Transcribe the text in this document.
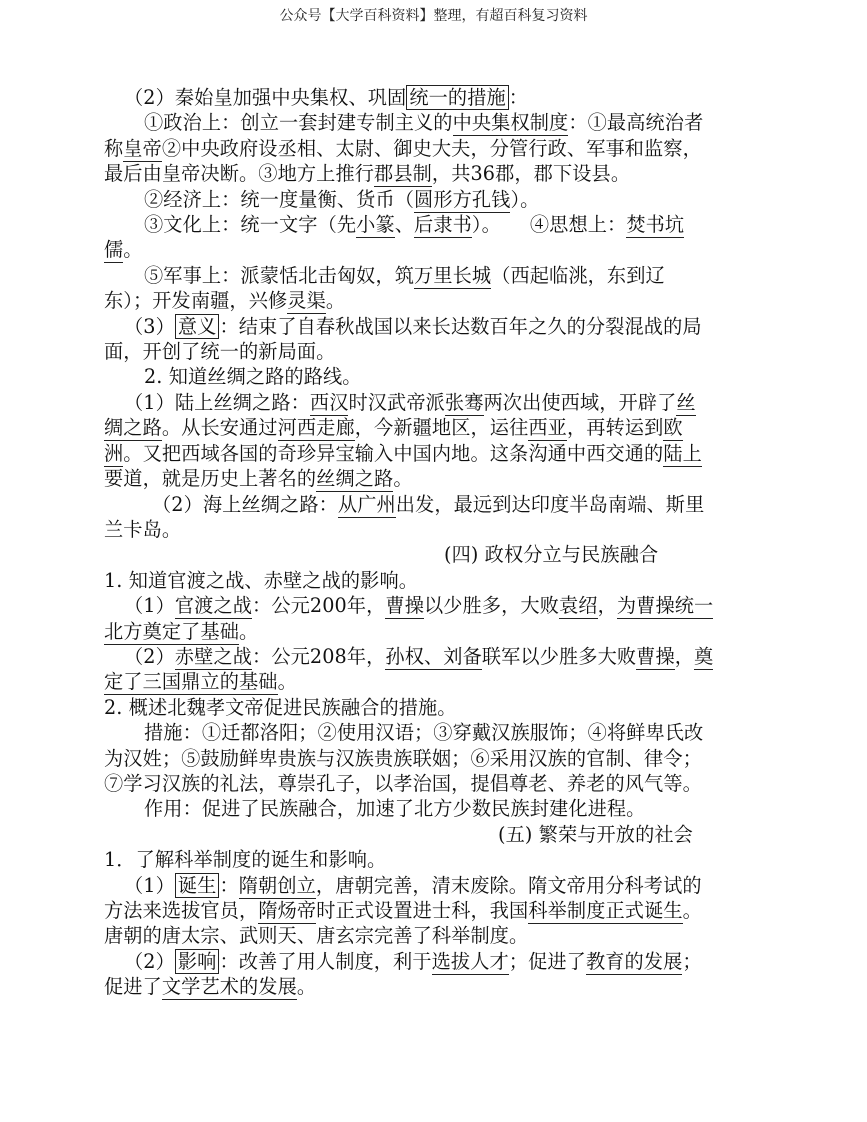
公众号【大学百科资料】整理，有超百科复习资料

（2）秦始皇加强中央集权、巩固 统一的措施 ：

①政治上：创立一套封建专制主义的中央集权制度：①最高统治者

称皇帝②中央政府设丞相、太尉、御史大夫，分管行政、军事和监察，

最后由皇帝决断。③地方上推行郡县制，共36郡，郡下设县。

②经济上：统一度量衡、货币（圆形方孔钱）。

③文化上：统一文字（先小篆、后隶书）。　　④思想上：焚书坑

儒。

⑤军事上：派蒙恬北击匈奴，筑万里长城（西起临洮，东到辽

东）；开发南疆，兴修灵渠。

（3） 意义 ：结束了自春秋战国以来长达数百年之久的分裂混战的局

面，开创了统一的新局面。

2. 知道丝绸之路的路线。

（1）陆上丝绸之路：西汉时汉武帝派张骞两次出使西域，开辟了丝

绸之路。从长安通过河西走廊，今新疆地区，运往西亚，再转运到欧

洲。又把西域各国的奇珍异宝输入中国内地。这条沟通中西交通的陆上

要道，就是历史上著名的丝绸之路。

（2）海上丝绸之路：从广州出发，最远到达印度半岛南端、斯里

兰卡岛。

(四) 政权分立与民族融合

1. 知道官渡之战、赤壁之战的影响。

（1）官渡之战：公元200年，曹操以少胜多，大败袁绍，为曹操统一

北方奠定了基础。

（2）赤壁之战：公元208年，孙权、刘备联军以少胜多大败曹操，奠

定了三国鼎立的基础。

2. 概述北魏孝文帝促进民族融合的措施。

措施：①迁都洛阳；②使用汉语；③穿戴汉族服饰；④将鲜卑氏改

为汉姓；⑤鼓励鲜卑贵族与汉族贵族联姻；⑥采用汉族的官制、律令；

⑦学习汉族的礼法，尊崇孔子，以孝治国，提倡尊老、养老的风气等。

作用：促进了民族融合，加速了北方少数民族封建化进程。

(五) 繁荣与开放的社会

1．了解科举制度的诞生和影响。

（1） 诞生 ：隋朝创立，唐朝完善，清末废除。隋文帝用分科考试的

方法来选拔官员，隋炀帝时正式设置进士科，我国科举制度正式诞生。

唐朝的唐太宗、武则天、唐玄宗完善了科举制度。

（2） 影响 ：改善了用人制度，利于选拔人才；促进了教育的发展；

促进了文学艺术的发展。
